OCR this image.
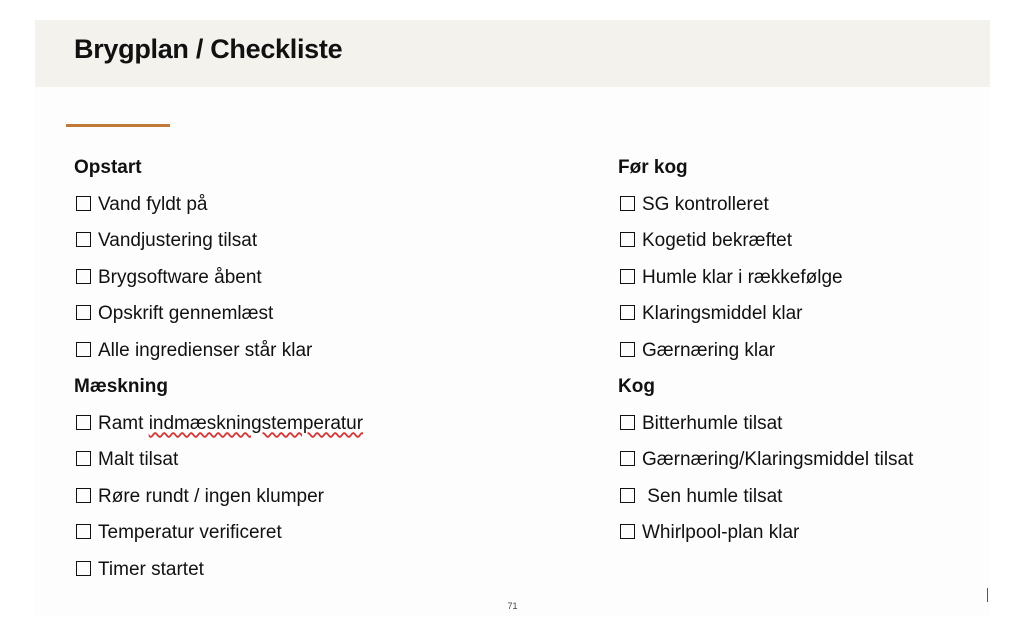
Brygplan / Checkliste
Opstart
Vand fyldt på
Vandjustering tilsat
Brygsoftware åbent
Opskrift gennemlæst
Alle ingredienser står klar
Mæskning
Ramt indmæskningstemperatur
Malt tilsat
Røre rundt / ingen klumper
Temperatur verificeret
Timer startet
Før kog
SG kontrolleret
Kogetid bekræftet
Humle klar i rækkefølge
Klaringsmiddel klar
Gærnæring klar
Kog
Bitterhumle tilsat
Gærnæring/Klaringsmiddel tilsat
Sen humle tilsat
Whirlpool-plan klar
71
